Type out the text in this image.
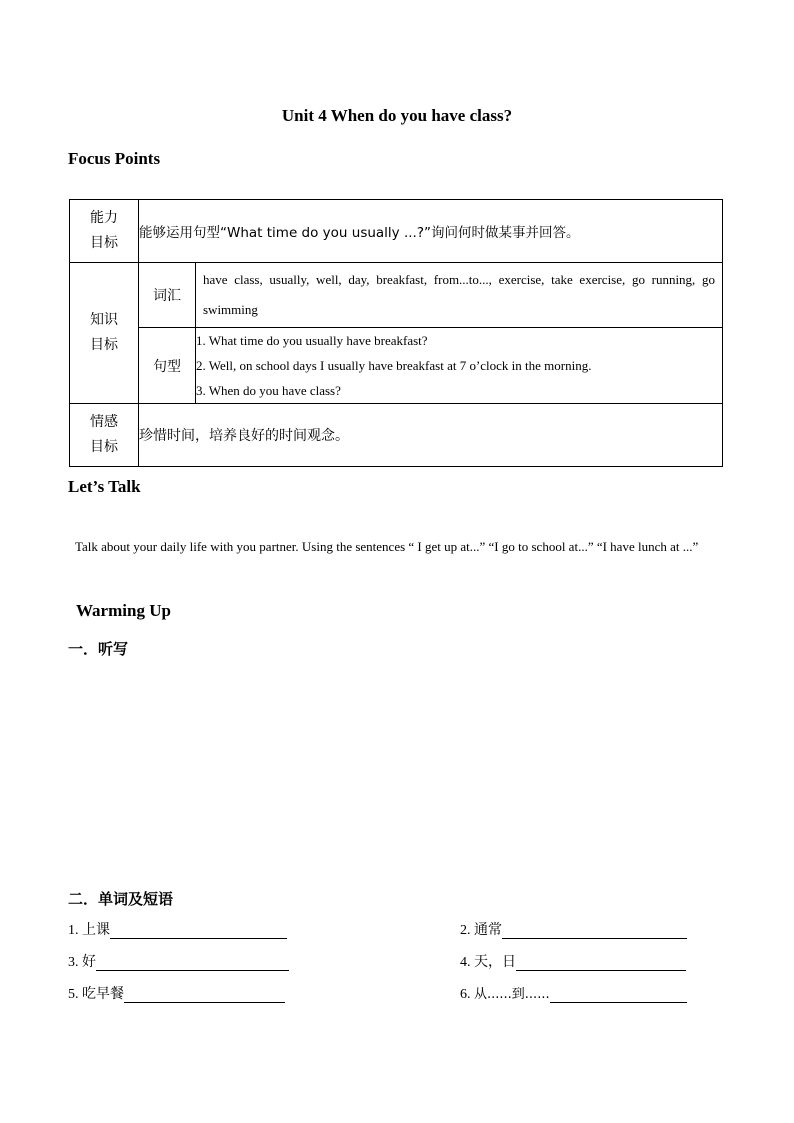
Unit 4 When do you have class?
Focus Points
能力
目标	能够运用句型“What time do you usually ...?”询问何时做某事并回答。	

知识
目标	词汇	have class, usually, well, day, breakfast, from...to..., exercise, take exercise, go running, go swimming
	句型	1. What time do you usually have breakfast?
2. Well, on school days I usually have breakfast at 7 o’clock in the morning.
3. When do you have class?

情感
目标	珍惜时间，培养良好的时间观念。	
Let’s Talk
Talk about your daily life with you partner. Using the sentences “ I get up at...” “I go to school at...” “I have lunch at ...”
Warming Up
一．听写
二．单词及短语
1. 上课	2. 通常
3. 好	4. 天，日
5. 吃早餐	6. 从......到......
